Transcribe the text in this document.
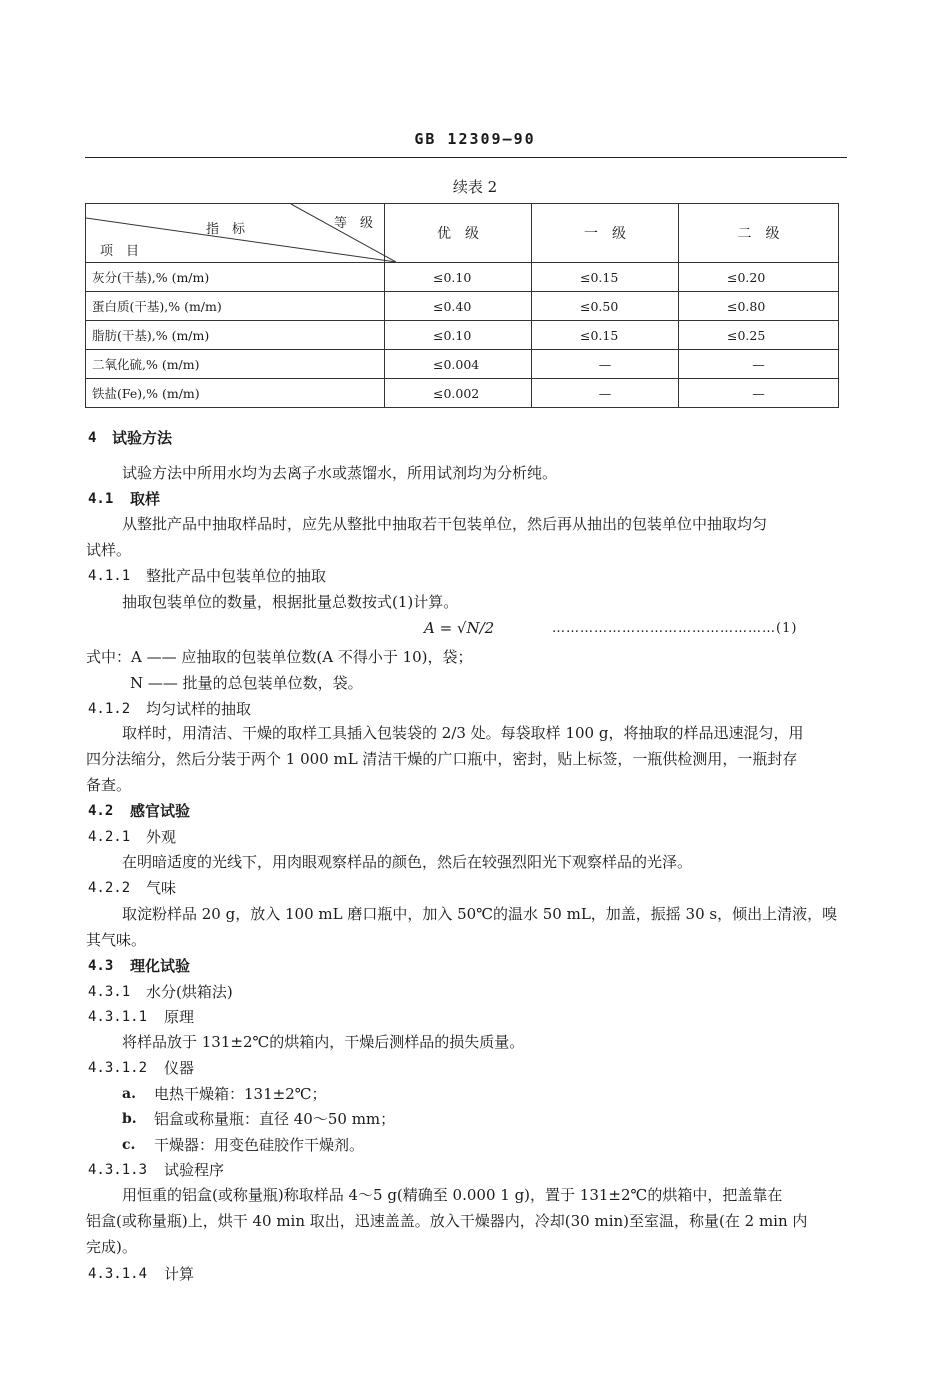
GB 12309—90
续表 2
指　标 等　级
项　目	优　级	一　级	二　级
灰分(干基),% (m/m)	≤0.10	≤0.15	≤0.20
蛋白质(干基),% (m/m)	≤0.40	≤0.50	≤0.80
脂肪(干基),% (m/m)	≤0.10	≤0.15	≤0.25
二氧化硫,% (m/m)	≤0.004	—	—
铁盐(Fe),% (m/m)	≤0.002	—	—
4 试验方法
试验方法中所用水均为去离子水或蒸馏水，所用试剂均为分析纯。
4.1 取样
从整批产品中抽取样品时，应先从整批中抽取若干包装单位，然后再从抽出的包装单位中抽取均匀
试样。
4.1.1 整批产品中包装单位的抽取
抽取包装单位的数量，根据批量总数按式(1)计算。
A = √N/2	…………………………………………(1)
式中：A —— 应抽取的包装单位数(A 不得小于 10)，袋；
N —— 批量的总包装单位数，袋。
4.1.2 均匀试样的抽取
取样时，用清洁、干燥的取样工具插入包装袋的 2/3 处。每袋取样 100 g，将抽取的样品迅速混匀，用
四分法缩分，然后分装于两个 1 000 mL 清洁干燥的广口瓶中，密封，贴上标签，一瓶供检测用，一瓶封存
备查。
4.2 感官试验
4.2.1 外观
在明暗适度的光线下，用肉眼观察样品的颜色，然后在较强烈阳光下观察样品的光泽。
4.2.2 气味
取淀粉样品 20 g，放入 100 mL 磨口瓶中，加入 50℃的温水 50 mL，加盖，振摇 30 s，倾出上清液，嗅
其气味。
4.3 理化试验
4.3.1 水分(烘箱法)
4.3.1.1 原理
将样品放于 131±2℃的烘箱内，干燥后测样品的损失质量。
4.3.1.2 仪器
a. 电热干燥箱：131±2℃；
b. 铝盒或称量瓶：直径 40～50 mm；
c. 干燥器：用变色硅胶作干燥剂。
4.3.1.3 试验程序
用恒重的铝盒(或称量瓶)称取样品 4～5 g(精确至 0.000 1 g)，置于 131±2℃的烘箱中，把盖靠在
铝盒(或称量瓶)上，烘干 40 min 取出，迅速盖盖。放入干燥器内，冷却(30 min)至室温，称量(在 2 min 内
完成)。
4.3.1.4 计算
